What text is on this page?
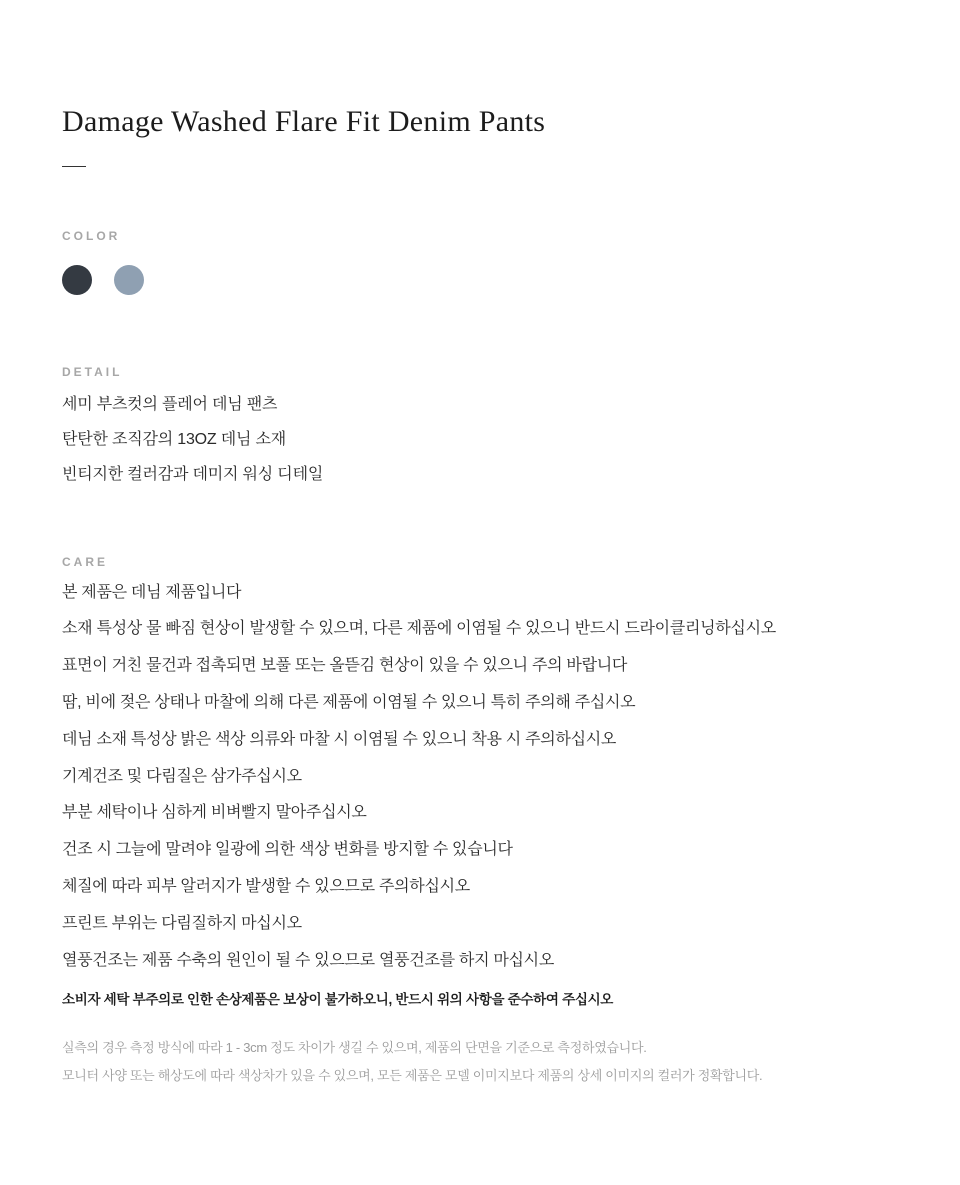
Damage Washed Flare Fit Denim Pants
COLOR
DETAIL
세미 부츠컷의 플레어 데님 팬츠
탄탄한 조직감의 13OZ 데님 소재
빈티지한 컬러감과 데미지 워싱 디테일
CARE
본 제품은 데님 제품입니다
소재 특성상 물 빠짐 현상이 발생할 수 있으며, 다른 제품에 이염될 수 있으니 반드시 드라이클리닝하십시오
표면이 거친 물건과 접촉되면 보풀 또는 올뜯김 현상이 있을 수 있으니 주의 바랍니다
땀, 비에 젖은 상태나 마찰에 의해 다른 제품에 이염될 수 있으니 특히 주의해 주십시오
데님 소재 특성상 밝은 색상 의류와 마찰 시 이염될 수 있으니 착용 시 주의하십시오
기계건조 및 다림질은 삼가주십시오
부분 세탁이나 심하게 비벼빨지 말아주십시오
건조 시 그늘에 말려야 일광에 의한 색상 변화를 방지할 수 있습니다
체질에 따라 피부 알러지가 발생할 수 있으므로 주의하십시오
프린트 부위는 다림질하지 마십시오
열풍건조는 제품 수축의 원인이 될 수 있으므로 열풍건조를 하지 마십시오
소비자 세탁 부주의로 인한 손상제품은 보상이 불가하오니, 반드시 위의 사항을 준수하여 주십시오

실측의 경우 측정 방식에 따라 1 - 3cm 정도 차이가 생길 수 있으며, 제품의 단면을 기준으로 측정하였습니다.

모니터 사양 또는 해상도에 따라 색상차가 있을 수 있으며, 모든 제품은 모델 이미지보다 제품의 상세 이미지의 컬러가 정확합니다.
